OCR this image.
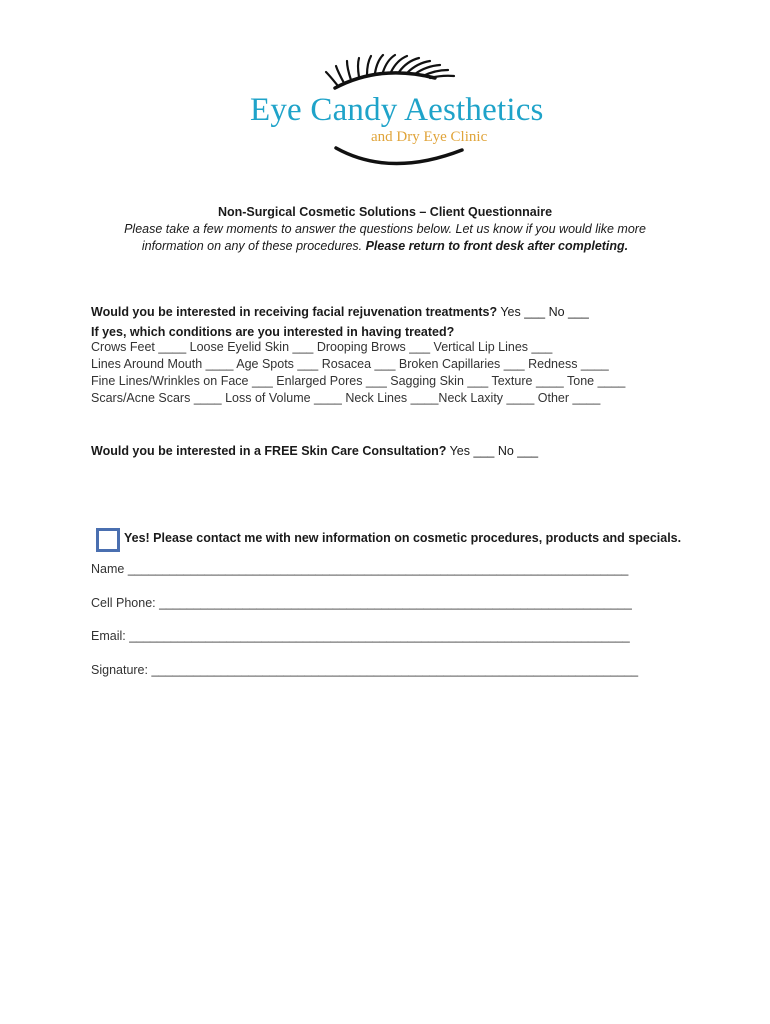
Eye Candy Aesthetics
and Dry Eye Clinic
Non-Surgical Cosmetic Solutions – Client Questionnaire
Please take a few moments to answer the questions below. Let us know if you would like more information on any of these procedures. Please return to front desk after completing.
Would you be interested in receiving facial rejuvenation treatments? Yes ___ No ___
If yes, which conditions are you interested in having treated?
Crows Feet ____ Loose Eyelid Skin ___ Drooping Brows ___ Vertical Lip Lines ___
Lines Around Mouth ____ Age Spots ___ Rosacea ___ Broken Capillaries ___ Redness ____
Fine Lines/Wrinkles on Face ___ Enlarged Pores ___ Sagging Skin ___ Texture ____ Tone ____
Scars/Acne Scars ____ Loss of Volume ____ Neck Lines ____Neck Laxity ____ Other ____
Would you be interested in a FREE Skin Care Consultation? Yes ___ No ___
Yes! Please contact me with new information on cosmetic procedures, products and specials.
Name ________________________________________________________________________
Cell Phone: ____________________________________________________________________
Email: ________________________________________________________________________
Signature: ______________________________________________________________________
